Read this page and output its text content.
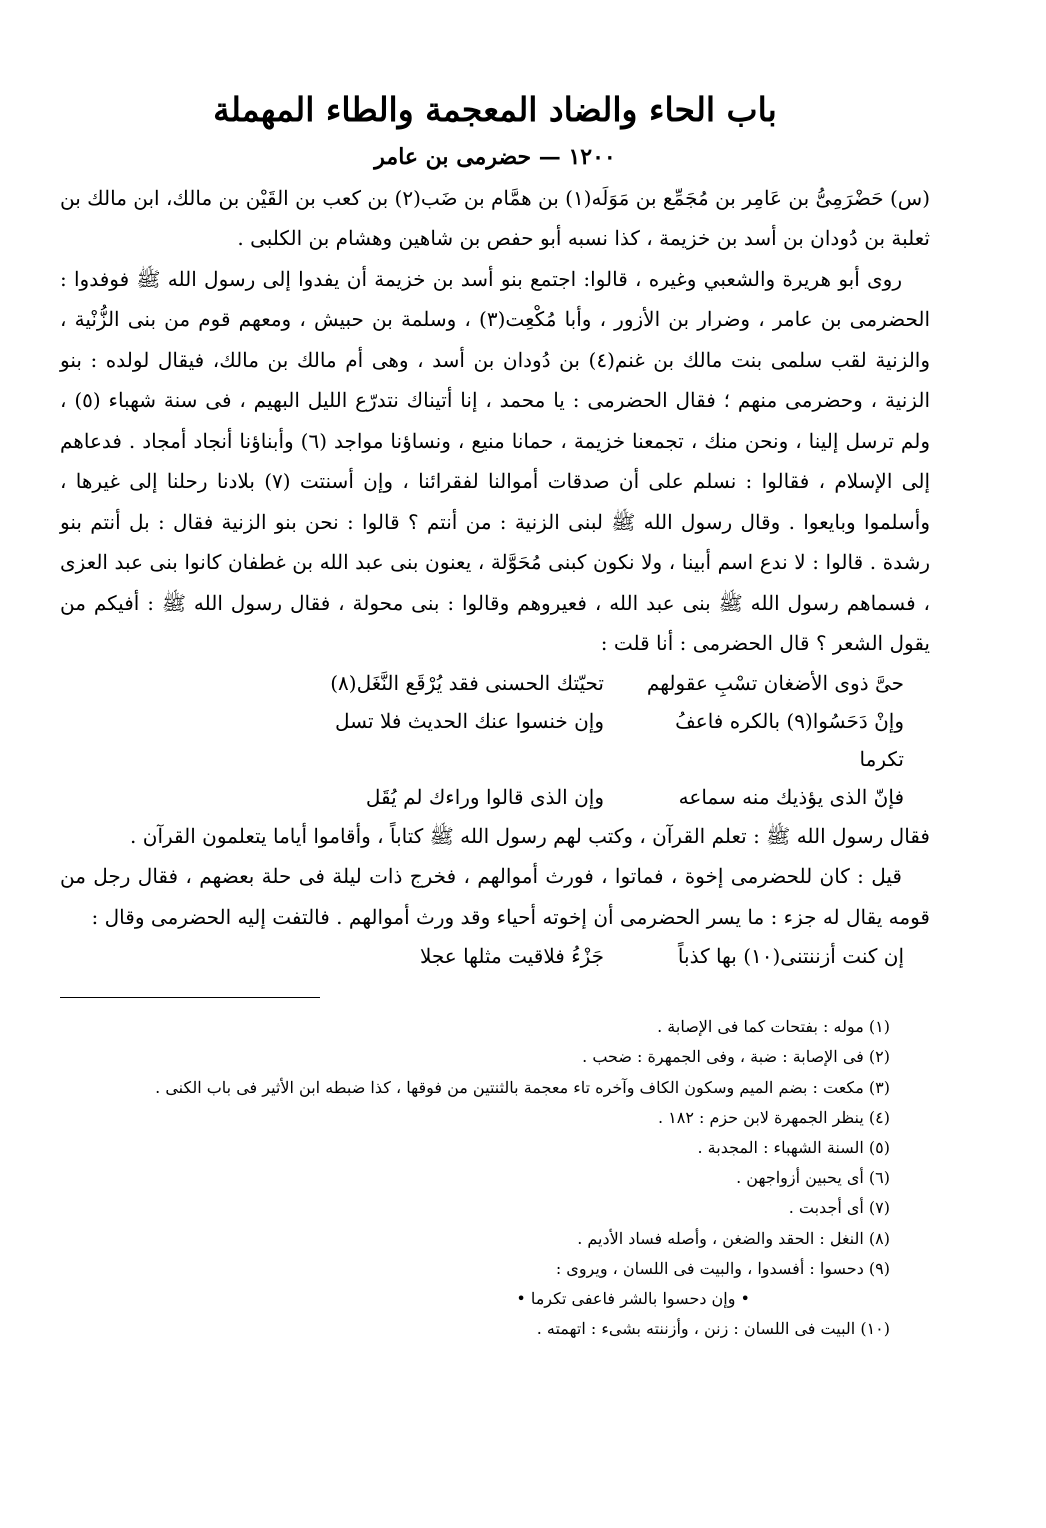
باب الحاء والضاد المعجمة والطاء المهملة
١٢٠٠ — حضرمى بن عامر

(س) حَضْرَمِىُّ بن عَامِر بن مُجَمِّع بن مَوَلَه(١) بن همَّام بن ضَب(٢) بن كعب بن القَيْن بن مالك، ابن مالك بن ثعلبة بن دُودان بن أسد بن خزيمة ، كذا نسبه أبو حفص بن شاهين وهشام بن الكلبى .

روى أبو هريرة والشعبي وغيره ، قالوا: اجتمع بنو أسد بن خزيمة أن يفدوا إلى رسول الله ﷺ فوفدوا : الحضرمى بن عامر ، وضرار بن الأزور ، وأبا مُكْعِت(٣) ، وسلمة بن حبيش ، ومعهم قوم من بنى الزُّنْية ، والزنية لقب سلمى بنت مالك بن غنم(٤) بن دُودان بن أسد ، وهى أم مالك بن مالك، فيقال لولده : بنو الزنية ، وحضرمى منهم ؛ فقال الحضرمى : يا محمد ، إنا أتيناك نتدرّع الليل البهيم ، فى سنة شهباء (٥) ، ولم ترسل إلينا ، ونحن منك ، تجمعنا خزيمة ، حمانا منيع ، ونساؤنا مواجد (٦) وأبناؤنا أنجاد أمجاد . فدعاهم إلى الإسلام ، فقالوا : نسلم على أن صدقات أموالنا لفقرائنا ، وإن أسنتت (٧) بلادنا رحلنا إلى غيرها ، وأسلموا وبايعوا . وقال رسول الله ﷺ لبنى الزنية : من أنتم ؟ قالوا : نحن بنو الزنية فقال : بل أنتم بنو رشدة . قالوا : لا ندع اسم أبينا ، ولا نكون كبنى مُحَوَّلة ، يعنون بنى عبد الله بن غطفان كانوا بنى عبد العزى ، فسماهم رسول الله ﷺ بنى عبد الله ، فعيروهم وقالوا : بنى محولة ، فقال رسول الله ﷺ : أفيكم من يقول الشعر ؟ قال الحضرمى : أنا قلت :

حىَّ ذوى الأضغان تسْبِ عقولهم
تحيّتك الحسنى فقد يُرْقَع النَّغَل(٨)
وإنْ دَحَسُوا(٩) بالكره فاعفُ تكرما
وإن خنسوا عنك الحديث فلا تسل
فإنّ الذى يؤذيك منه سماعه
وإن الذى قالوا وراءك لم يُقَل

فقال رسول الله ﷺ : تعلم القرآن ، وكتب لهم رسول الله ﷺ كتاباً ، وأقاموا أياما يتعلمون القرآن .

قيل : كان للحضرمى إخوة ، فماتوا ، فورث أموالهم ، فخرج ذات ليلة فى حلة بعضهم ، فقال رجل من قومه يقال له جزء : ما يسر الحضرمى أن إخوته أحياء وقد ورث أموالهم . فالتفت إليه الحضرمى وقال :

إن كنت أزننتنى(١٠) بها كذباً
جَزْءُ فلاقيت مثلها عجلا

(١) موله : بفتحات كما فى الإصابة .

(٢) فى الإصابة : ضبة ، وفى الجمهرة : ضحب .

(٣) مكعت : بضم الميم وسكون الكاف وآخره تاء معجمة بالثنتين من فوقها ، كذا ضبطه ابن الأثير فى باب الكنى .

(٤) ينظر الجمهرة لابن حزم : ١٨٢ .

(٥) السنة الشهباء : المجدبة .

(٦) أى يحبين أزواجهن .

(٧) أى أجدبت .

(٨) النغل : الحقد والضغن ، وأصله فساد الأديم .

(٩) دحسوا : أفسدوا ، والبيت فى اللسان ، ويروى :

• وإن دحسوا بالشر فاعفى تكرما •

(١٠) البيت فى اللسان : زنن ، وأزننته بشىء : اتهمته .
